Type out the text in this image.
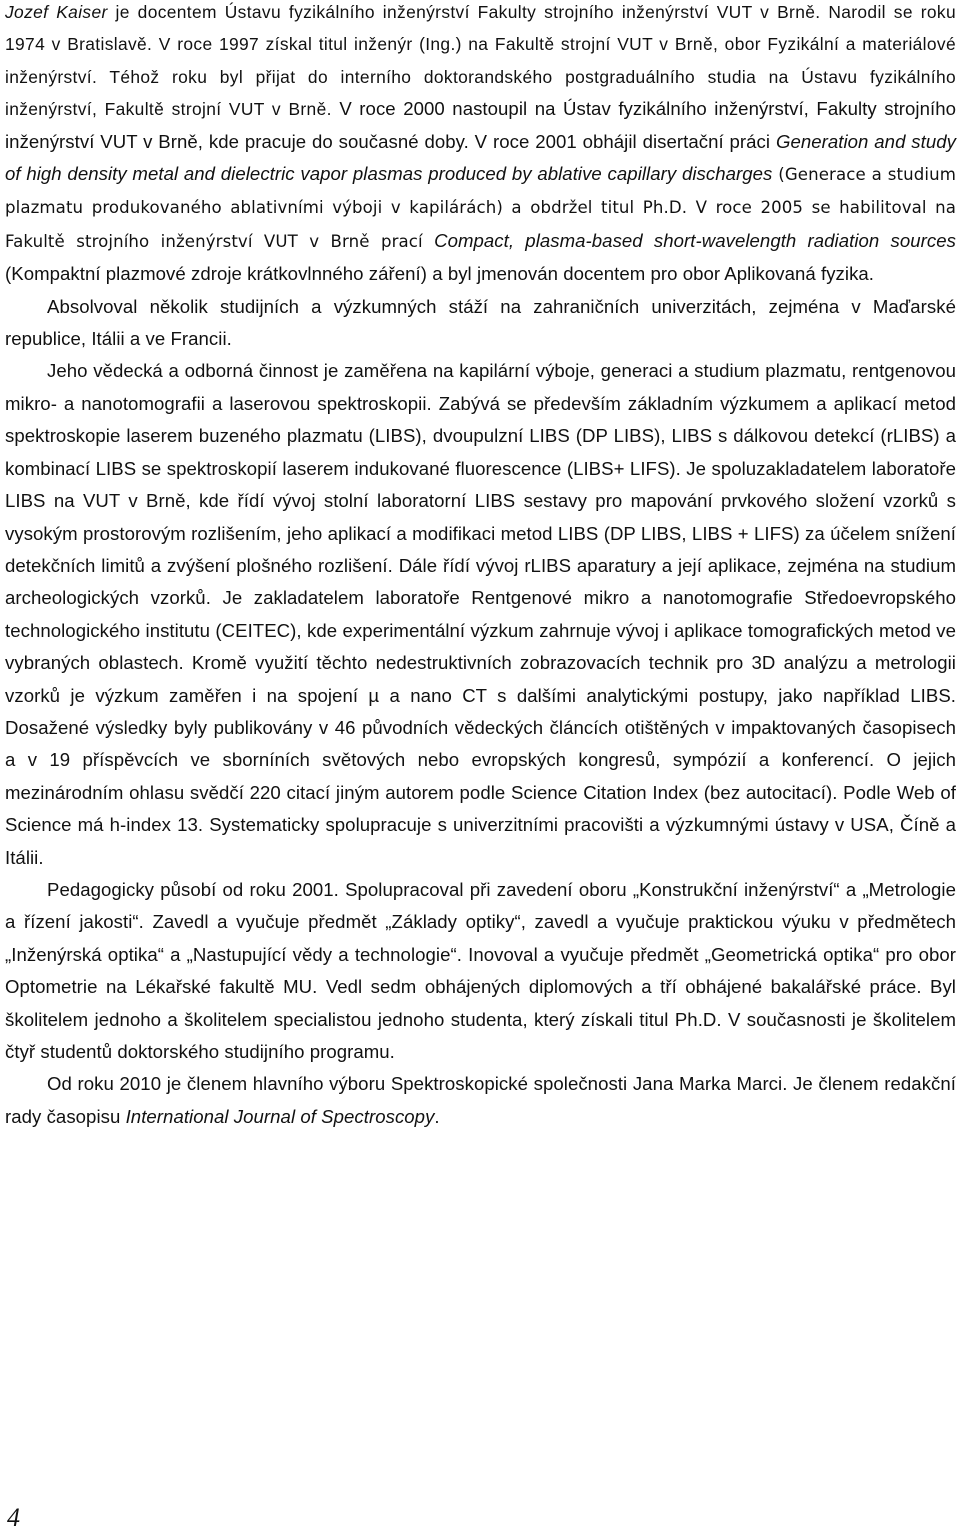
Jozef Kaiser je docentem Ústavu fyzikálního inženýrství Fakulty strojního inženýrství VUT v Brně. Narodil se roku 1974 v Bratislavě. V roce 1997 získal titul inženýr (Ing.) na Fakultě strojní VUT v Brně, obor Fyzikální a materiálové inženýrství. Téhož roku byl přijat do interního doktorandského postgraduálního studia na Ústavu fyzikálního inženýrství, Fakultě strojní VUT v Brně. V roce 2000 nastoupil na Ústav fyzikálního inženýrství, Fakulty strojního inženýrství VUT v Brně, kde pracuje do současné doby. V roce 2001 obhájil disertační práci Generation and study of high density metal and dielectric vapor plasmas produced by ablative capillary discharges (Generace a studium plazmatu produkovaného ablativními výboji v kapilárách) a obdržel titul Ph.D. V roce 2005 se habilitoval na Fakultě strojního inženýrství VUT v Brně prací Compact, plasma-based short-wavelength radiation sources (Kompaktní plazmové zdroje krátkovlnného záření) a byl jmenován docentem pro obor Aplikovaná fyzika.

Absolvoval několik studijních a výzkumných stáží na zahraničních univerzitách, zejména v Maďarské republice, Itálii a ve Francii.

Jeho vědecká a odborná činnost je zaměřena na kapilární výboje, generaci a studium plazmatu, rentgenovou mikro- a nanotomografii a laserovou spektroskopii. Zabývá se především základním výzkumem a aplikací metod spektroskopie laserem buzeného plazmatu (LIBS), dvoupulzní LIBS (DP LIBS), LIBS s dálkovou detekcí (rLIBS) a kombinací LIBS se spektroskopií laserem indukované fluorescence (LIBS+ LIFS). Je spoluzakladatelem laboratoře LIBS na VUT v Brně, kde řídí vývoj stolní laboratorní LIBS sestavy pro mapování prvkového složení vzorků s vysokým prostorovým rozlišením, jeho aplikací a modifikaci metod LIBS (DP LIBS, LIBS + LIFS) za účelem snížení detekčních limitů a zvýšení plošného rozlišení. Dále řídí vývoj rLIBS aparatury a její aplikace, zejména na studium archeologických vzorků. Je zakladatelem laboratoře Rentgenové mikro a nanotomografie Středoevropského technologického institutu (CEITEC), kde experimentální výzkum zahrnuje vývoj i aplikace tomografických metod ve vybraných oblastech. Kromě využití těchto nedestruktivních zobrazovacích technik pro 3D analýzu a metrologii vzorků je výzkum zaměřen i na spojení µ a nano CT s dalšími analytickými postupy, jako například LIBS. Dosažené výsledky byly publikovány v 46 původních vědeckých článcích otištěných v impaktovaných časopisech a v 19 příspěvcích ve sborníních světových nebo evropských kongresů, sympózií a konferencí. O jejich mezinárodním ohlasu svědčí 220 citací jiným autorem podle Science Citation Index (bez autocitací). Podle Web of Science má h-index 13. Systematicky spolupracuje s univerzitními pracovišti a výzkumnými ústavy v USA, Číně a Itálii.

Pedagogicky působí od roku 2001. Spolupracoval při zavedení oboru „Konstrukční inženýrství“ a „Metrologie a řízení jakosti“. Zavedl a vyučuje předmět „Základy optiky“, zavedl a vyučuje praktickou výuku v předmětech „Inženýrská optika“ a „Nastupující vědy a technologie“. Inovoval a vyučuje předmět „Geometrická optika“ pro obor Optometrie na Lékařské fakultě MU. Vedl sedm obhájených diplomových a tří obhájené bakalářské práce. Byl školitelem jednoho a školitelem specialistou jednoho studenta, který získali titul Ph.D. V současnosti je školitelem čtyř studentů doktorského studijního programu.

Od roku 2010 je členem hlavního výboru Spektroskopické společnosti Jana Marka Marci. Je členem redakční rady časopisu International Journal of Spectroscopy.

4
